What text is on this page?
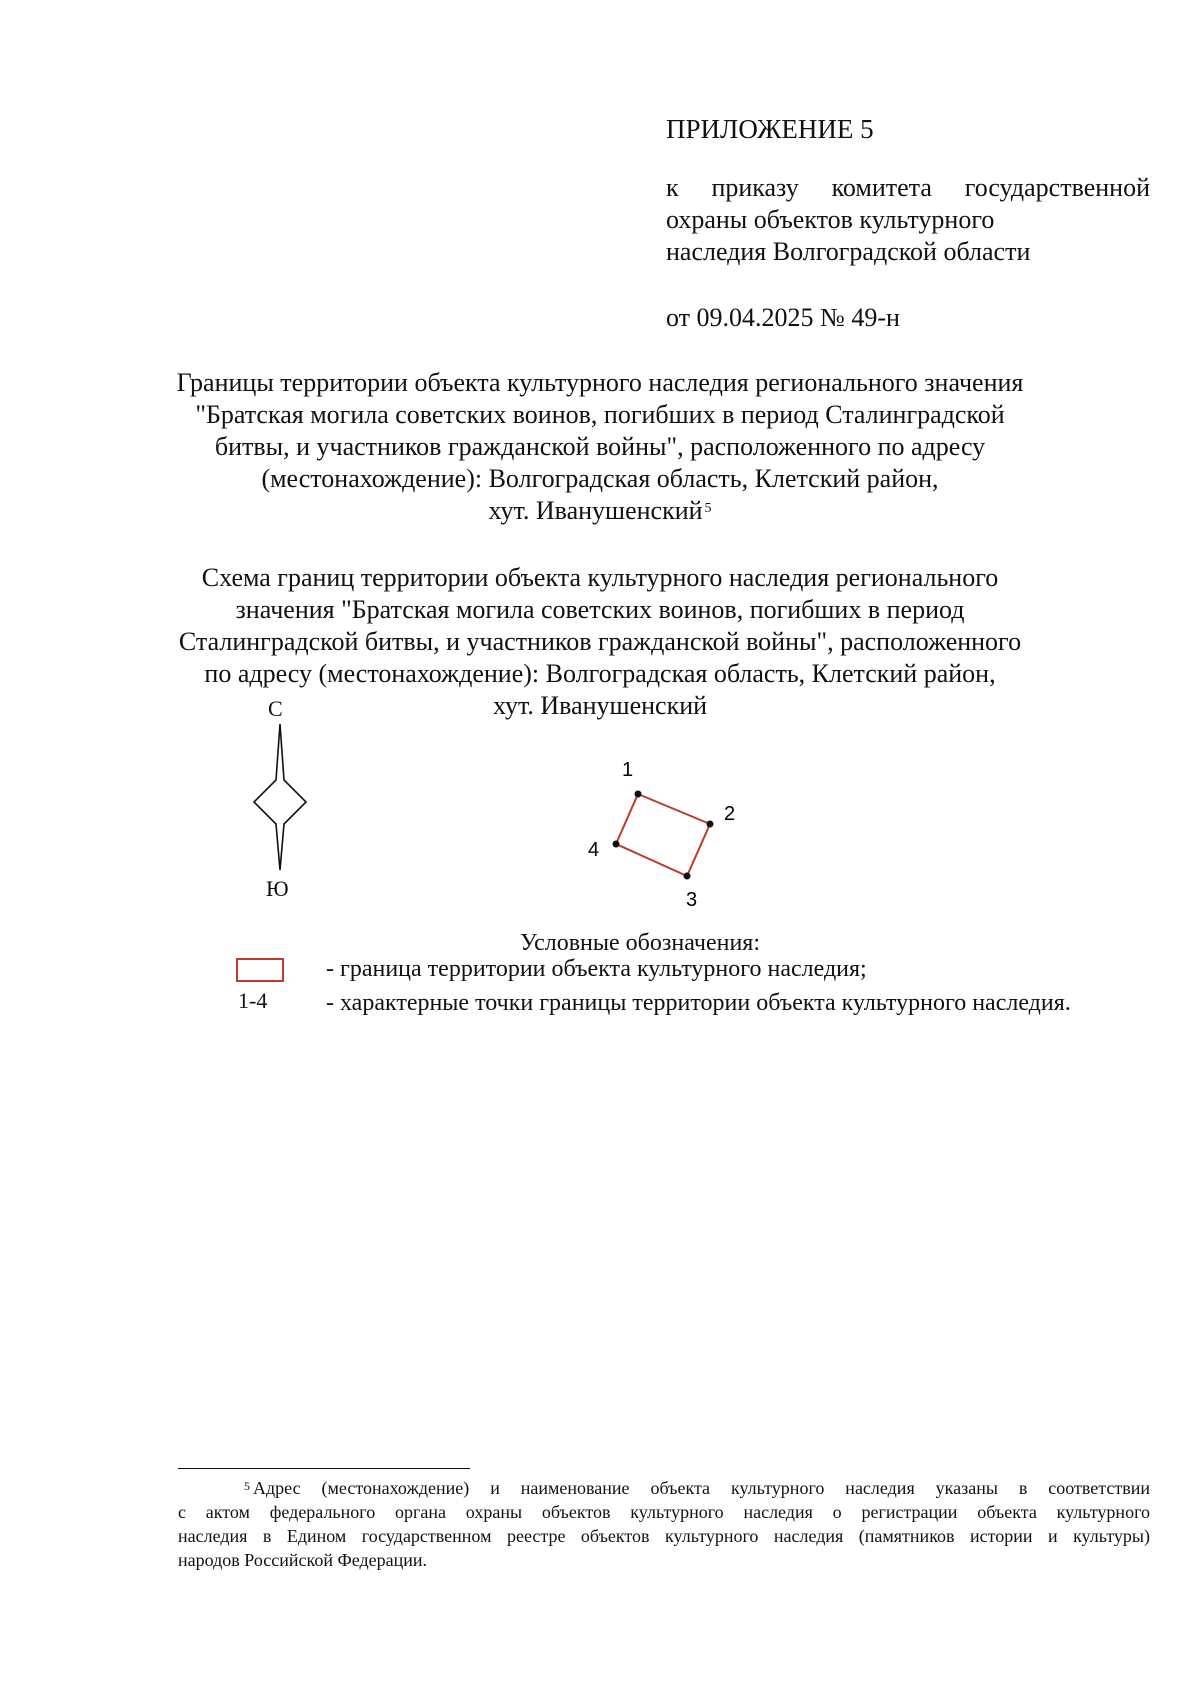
ПРИЛОЖЕНИЕ 5
к приказу комитета государственной
охраны объектов культурного
наследия Волгоградской области
от 09.04.2025 № 49-н
Границы территории объекта культурного наследия регионального значения
"Братская могила советских воинов, погибших в период Сталинградской
битвы, и участников гражданской войны", расположенного по адресу
(местонахождение): Волгоградская область, Клетский район,
хут. Иванушенский $^5$
Схема границ территории объекта культурного наследия регионального
значения "Братская могила советских воинов, погибших в период
Сталинградской битвы, и участников гражданской войны", расположенного
по адресу (местонахождение): Волгоградская область, Клетский район,
хут. Иванушенский
С
Ю
1
2
3
4
Условные обозначения:
- граница территории объекта культурного наследия;
1-4 - характерные точки границы территории объекта культурного наследия.
$^5$ Адрес (местонахождение) и наименование объекта культурного наследия указаны в соответствии
с актом федерального органа охраны объектов культурного наследия о регистрации объекта культурного
наследия в Едином государственном реестре объектов культурного наследия (памятников истории и культуры)
народов Российской Федерации.
